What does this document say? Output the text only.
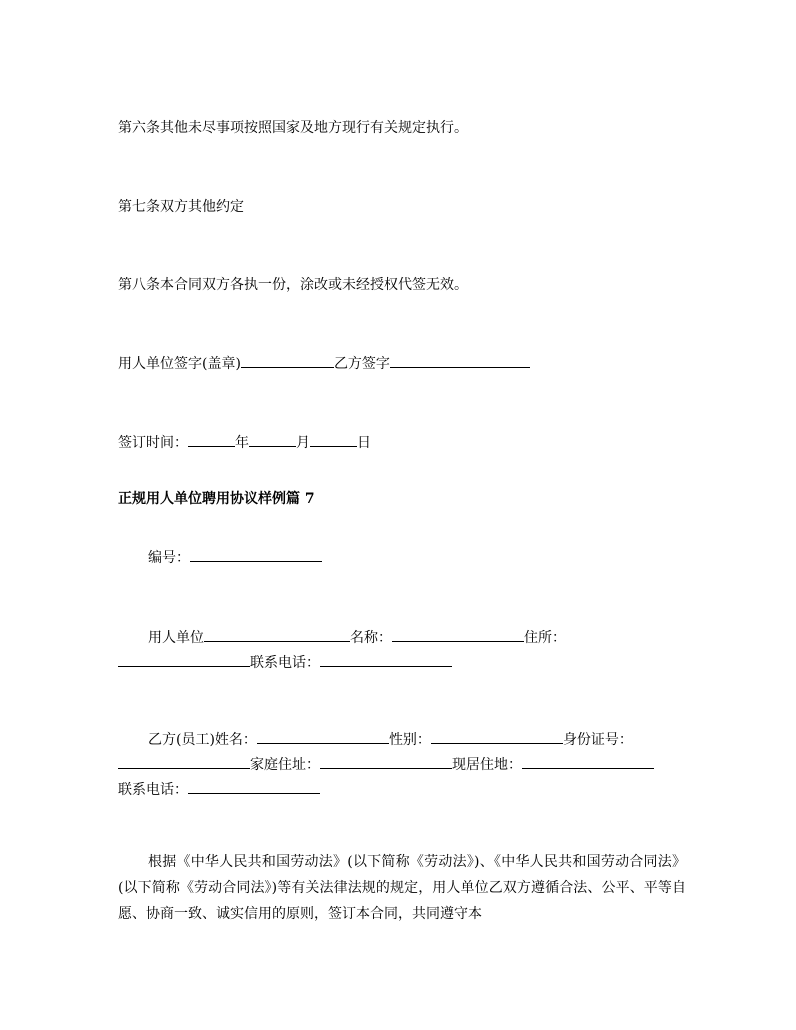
第六条其他未尽事项按照国家及地方现行有关规定执行。
第七条双方其他约定
第八条本合同双方各执一份，涂改或未经授权代签无效。
用人单位签字(盖章)	乙方签字
签订时间：	年	月	日
正规用人单位聘用协议样例篇 7
编号：
用人单位	名称：	住所：
联系电话：
乙方(员工)姓名：	性别：	身份证号：
家庭住址：	现居住地：
联系电话：
根据《中华人民共和国劳动法》(以下简称《劳动法》)、《中华人民共和国劳动合同法》(以下简称《劳动合同法》)等有关法律法规的规定，用人单位乙双方遵循合法、公平、平等自愿、协商一致、诚实信用的原则，签订本合同，共同遵守本
